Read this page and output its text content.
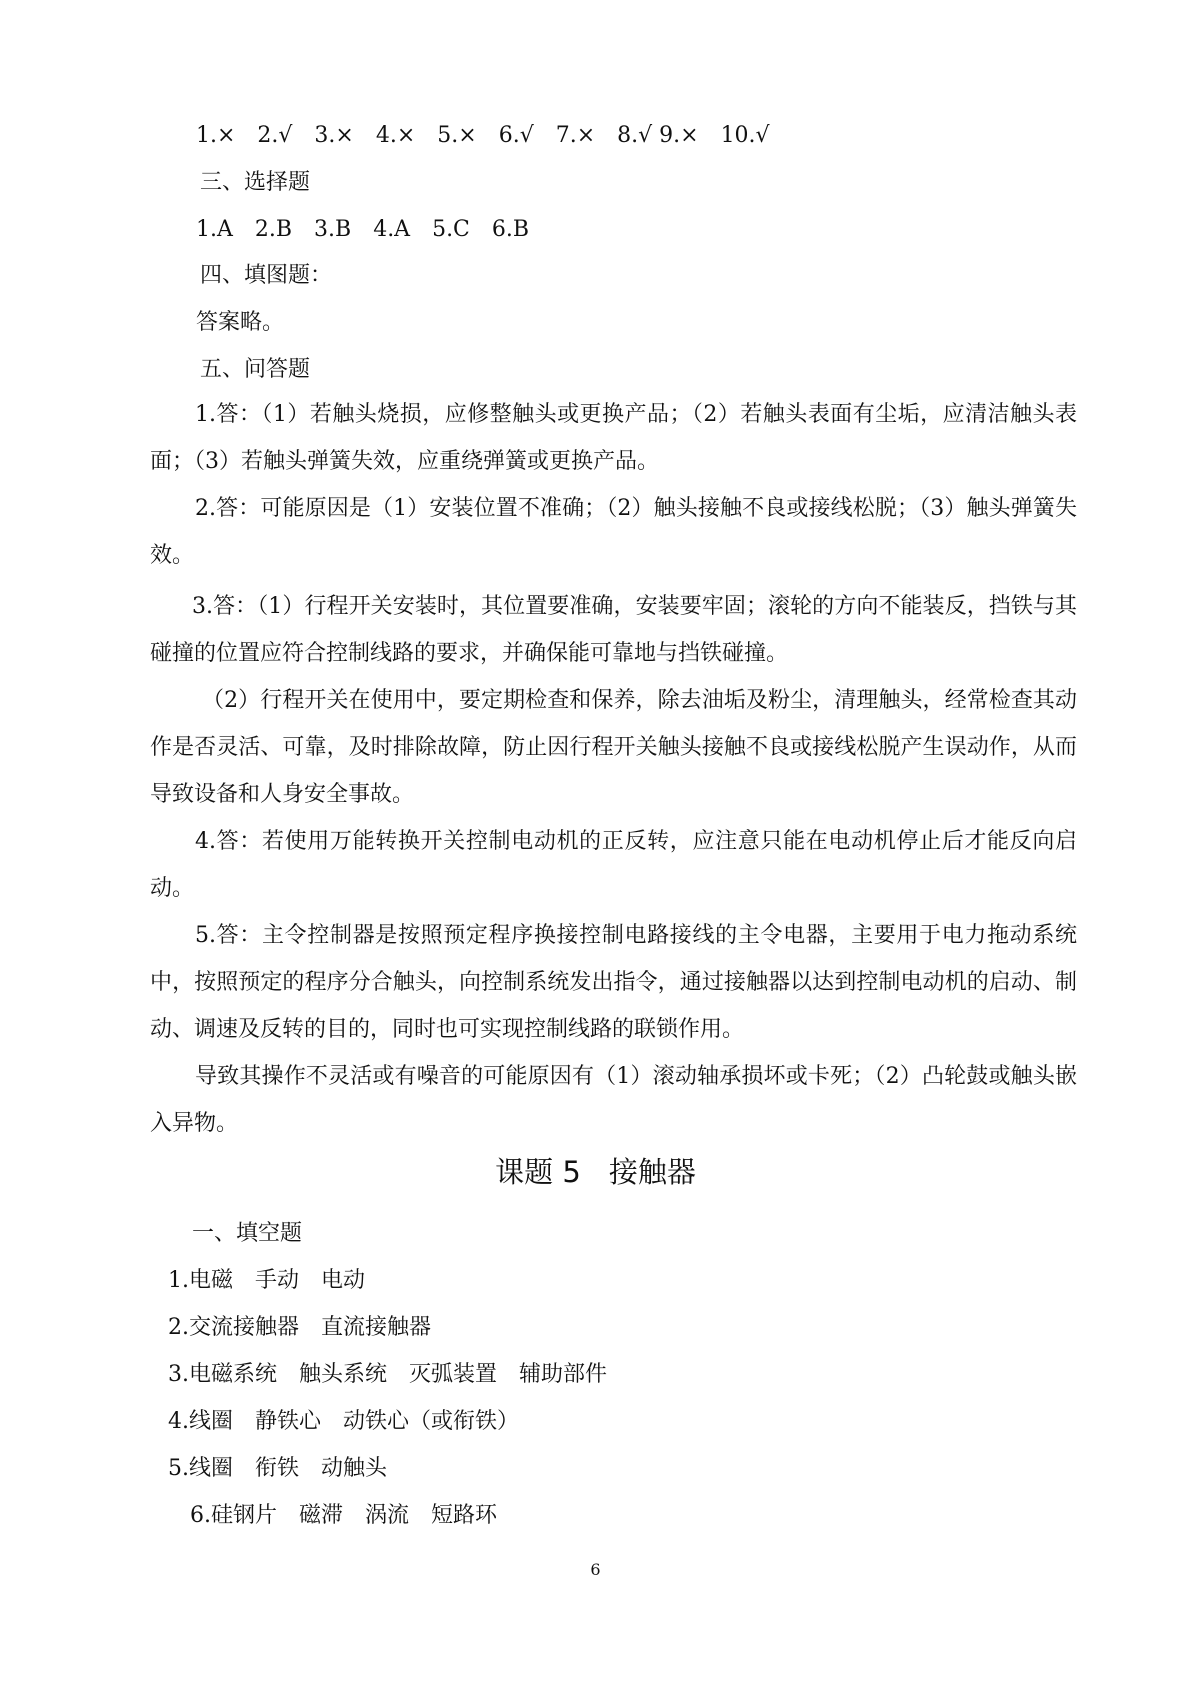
1.×　2.√　3.×　4.×　5.×　6.√　7.×　8.√ 9.×　10.√
三、选择题
1.A　2.B　3.B　4.A　5.C　6.B
四、填图题：
答案略。
五、问答题
1.答：（1）若触头烧损，应修整触头或更换产品；（2）若触头表面有尘垢，应清洁触头表面；（3）若触头弹簧失效，应重绕弹簧或更换产品。
2.答：可能原因是（1）安装位置不准确；（2）触头接触不良或接线松脱；（3）触头弹簧失效。
3.答：（1）行程开关安装时，其位置要准确，安装要牢固；滚轮的方向不能装反，挡铁与其碰撞的位置应符合控制线路的要求，并确保能可靠地与挡铁碰撞。
（2）行程开关在使用中，要定期检查和保养，除去油垢及粉尘，清理触头，经常检查其动作是否灵活、可靠，及时排除故障，防止因行程开关触头接触不良或接线松脱产生误动作，从而导致设备和人身安全事故。
4.答：若使用万能转换开关控制电动机的正反转，应注意只能在电动机停止后才能反向启动。
5.答：主令控制器是按照预定程序换接控制电路接线的主令电器，主要用于电力拖动系统中，按照预定的程序分合触头，向控制系统发出指令，通过接触器以达到控制电动机的启动、制动、调速及反转的目的，同时也可实现控制线路的联锁作用。
导致其操作不灵活或有噪音的可能原因有（1）滚动轴承损坏或卡死；（2）凸轮鼓或触头嵌入异物。
课题 5 接触器
一、填空题
1.电磁　手动　电动
2.交流接触器　直流接触器
3.电磁系统　触头系统　灭弧装置　辅助部件
4.线圈　静铁心　动铁心（或衔铁）
5.线圈　衔铁　动触头
6.硅钢片　磁滞　涡流　短路环
6
